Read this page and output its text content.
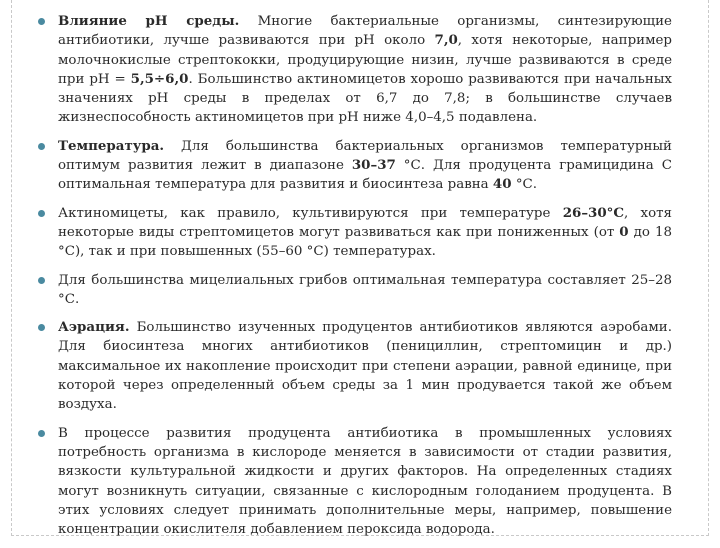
Влияние рН среды. Многие бактериальные организмы, синтезирующие антибиотики, лучше развиваются при рН около 7,0, хотя некоторые, например молочнокислые стрептококки, продуцирующие низин, лучше развиваются в среде при рН = 5,5÷6,0. Большинство актиномицетов хорошо развиваются при начальных значениях рН среды в пределах от 6,7 до 7,8; в большинстве случаев жизнеспособность актиномицетов при рН ниже 4,0–4,5 подавлена.
Температура. Для большинства бактериальных организмов температурный оптимум развития лежит в диапазоне 30–37 °С. Для продуцента грамицидина С оптимальная температура для развития и биосинтеза равна 40 °С.
Актиномицеты, как правило, культивируются при температуре 26–30°С, хотя некоторые виды стрептомицетов могут развиваться как при пониженных (от 0 до 18 °С), так и при повышенных (55–60 °С) температурах.
Для большинства мицелиальных грибов оптимальная температура составляет 25–28 °С.
Аэрация. Большинство изученных продуцентов антибиотиков являются аэробами. Для биосинтеза многих антибиотиков (пенициллин, стрептомицин и др.) максимальное их накопление происходит при степени аэрации, равной единице, при которой через определенный объем среды за 1 мин продувается такой же объем воздуха.
В процессе развития продуцента антибиотика в промышленных условиях потребность организма в кислороде меняется в зависимости от стадии развития, вязкости культуральной жидкости и других факторов. На определенных стадиях могут возникнуть ситуации, связанные с кислородным голоданием продуцента. В этих условиях следует принимать дополнительные меры, например, повышение концентрации окислителя добавлением пероксида водорода.
